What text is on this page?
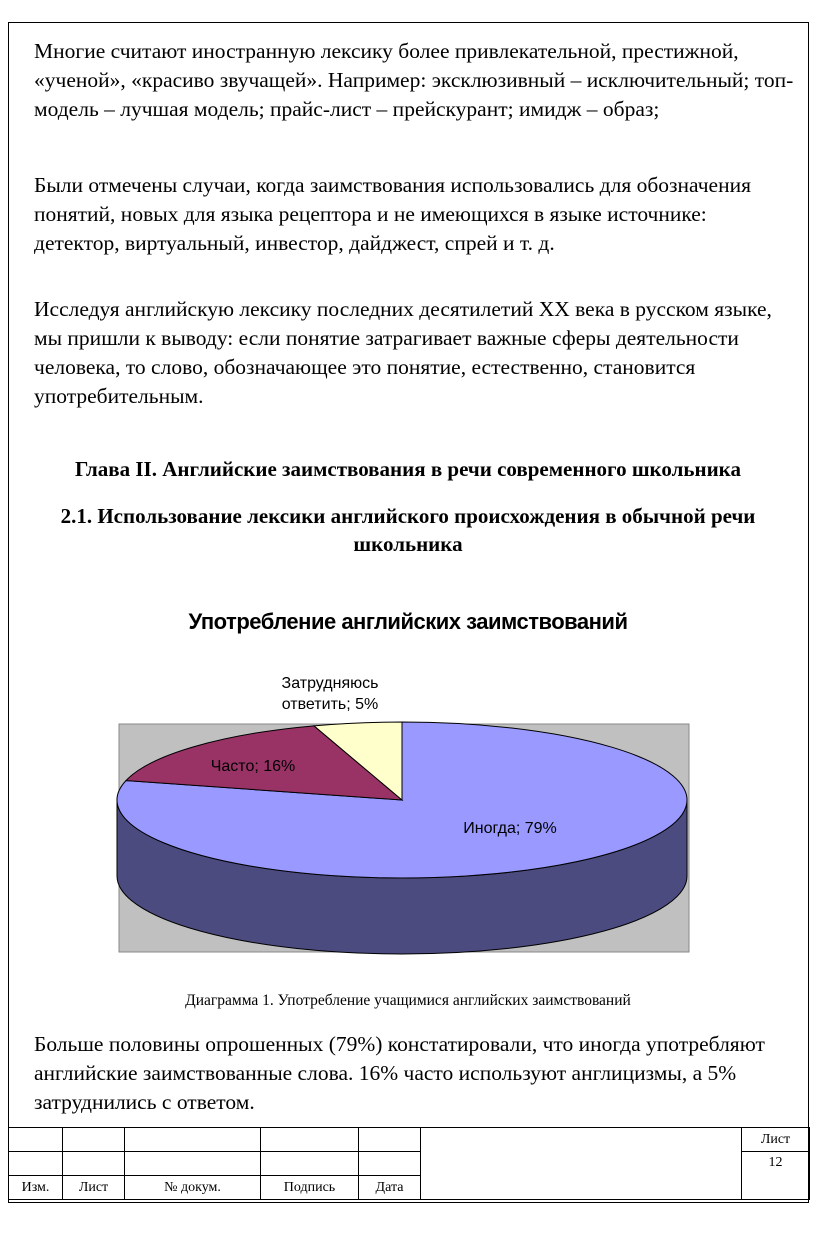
Многие считают иностранную лексику более привлекательной, престижной, «ученой», «красиво звучащей». Например: эксклюзивный – исключительный; топ-модель – лучшая модель; прайс-лист – прейскурант; имидж – образ;

Были отмечены случаи, когда заимствования использовались для обозначения понятий, новых для языка рецептора и не имеющихся в языке источнике: детектор, виртуальный, инвестор, дайджест, спрей и т. д.

Исследуя английскую лексику последних десятилетий XX века в русском языке, мы пришли к выводу: если понятие затрагивает важные сферы деятельности человека, то слово, обозначающее это понятие, естественно, становится употребительным.

Глава II. Английские заимствования в речи современного школьника
2.1. Использование лексики английского происхождения в обычной речи школьника
Употребление английских заимствований
Иногда; 79%
Часто; 16%
Затрудняюсь ответить; 5%
Диаграмма 1. Употребление учащимися английских заимствований

Больше половины опрошенных (79%) констатировали, что иногда употребляют английские заимствованные слова. 16% часто используют англицизмы, а 5% затруднились с ответом.

						Лист
						12
Изм.	Лист	№ докум.	Подпись	Дата		
